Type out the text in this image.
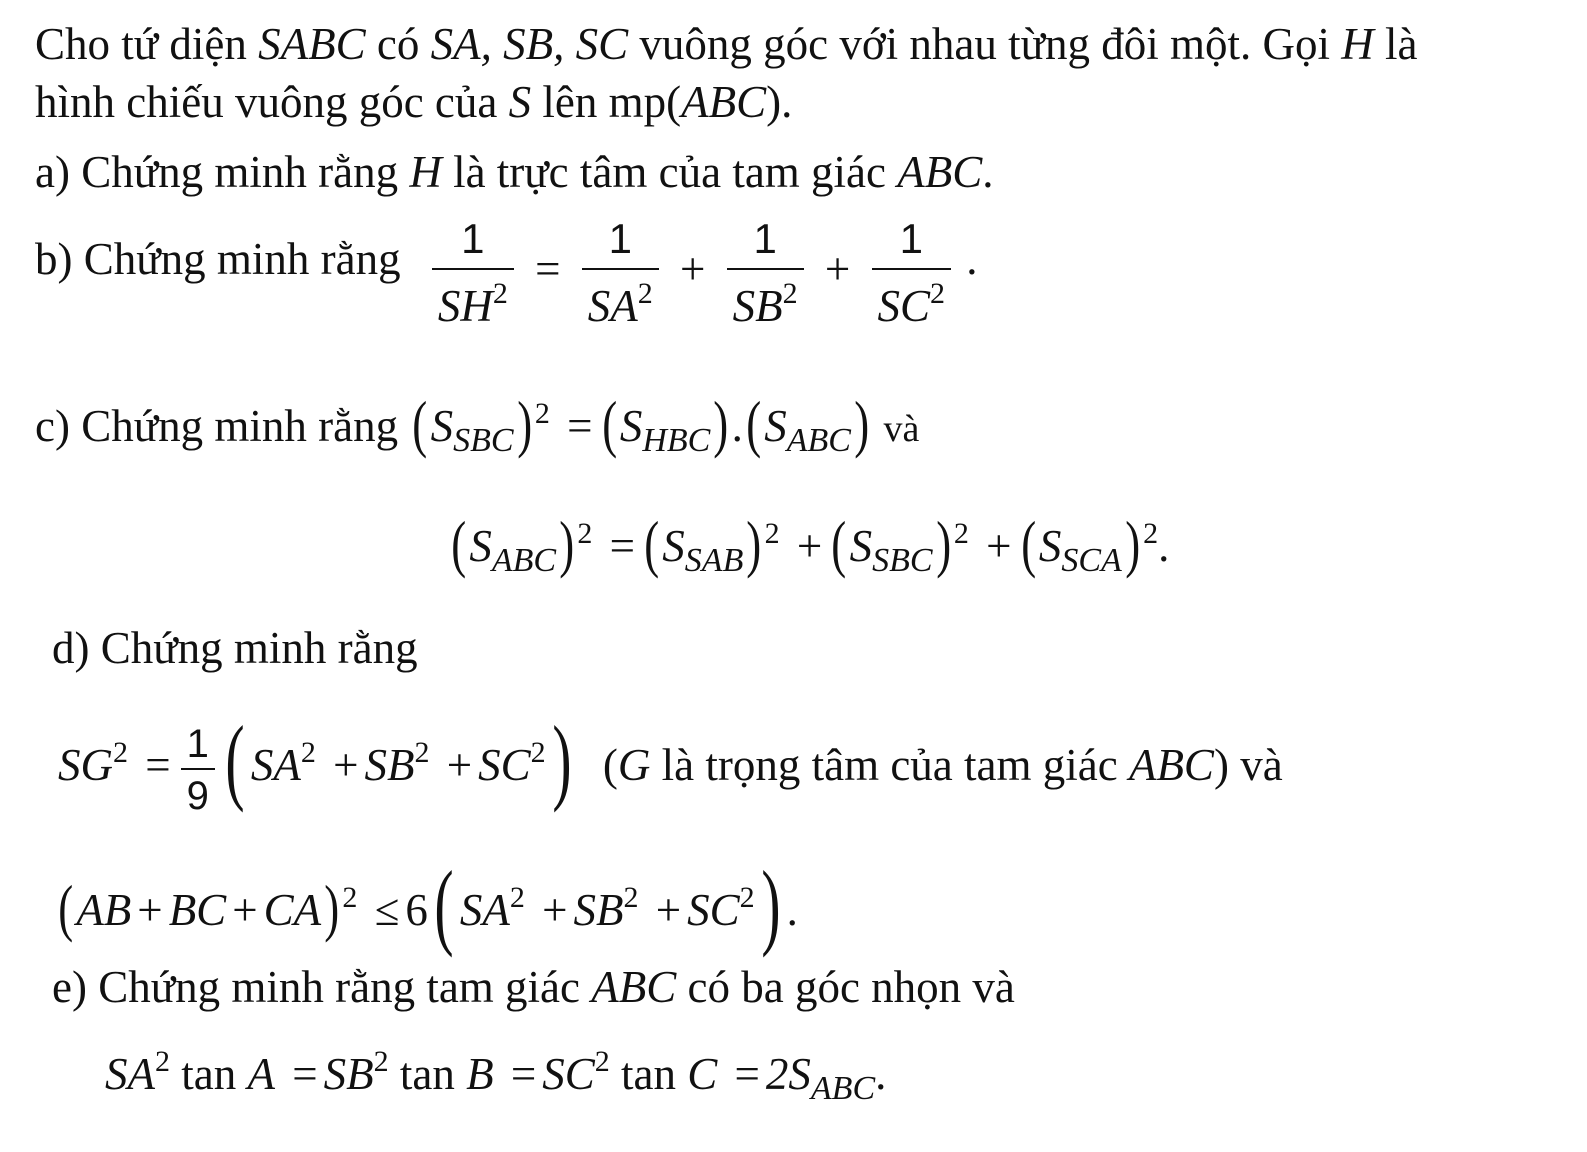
Cho tứ diện SABC có SA, SB, SC vuông góc với nhau từng đôi một. Gọi H là
hình chiếu vuông góc của S lên mp(ABC).
a) Chứng minh rằng H là trực tâm của tam giác ABC.
b) Chứng minh rằng $\frac{1}{SH^2} = \frac{1}{SA^2} + \frac{1}{SB^2} + \frac{1}{SC^2}$ .
c) Chứng minh rằng $(S_{SBC}) ^2 = (S_{HBC}).(S_{ABC})$ và
$(S_{ABC}) ^2 = (S_{SAB}) ^2 + (S_{SBC}) ^2 + (S_{SCA})$ $^2$.
d) Chứng minh rằng
$SG^2 = \frac{1}{9}$ ( $SA^2 + SB^2 + SC^2$) (G là trọng tâm của tam giác ABC) và
(AB + BC + CA) $^2$ ≤ 6( $SA^2 + SB^2 + SC^2$) .
e) Chứng minh rằng tam giác ABC có ba góc nhọn và
$SA^2$ $\tan A = SB^2$ $\tan B = SC^2$ $\tan C = 2S_{ABC}$.
